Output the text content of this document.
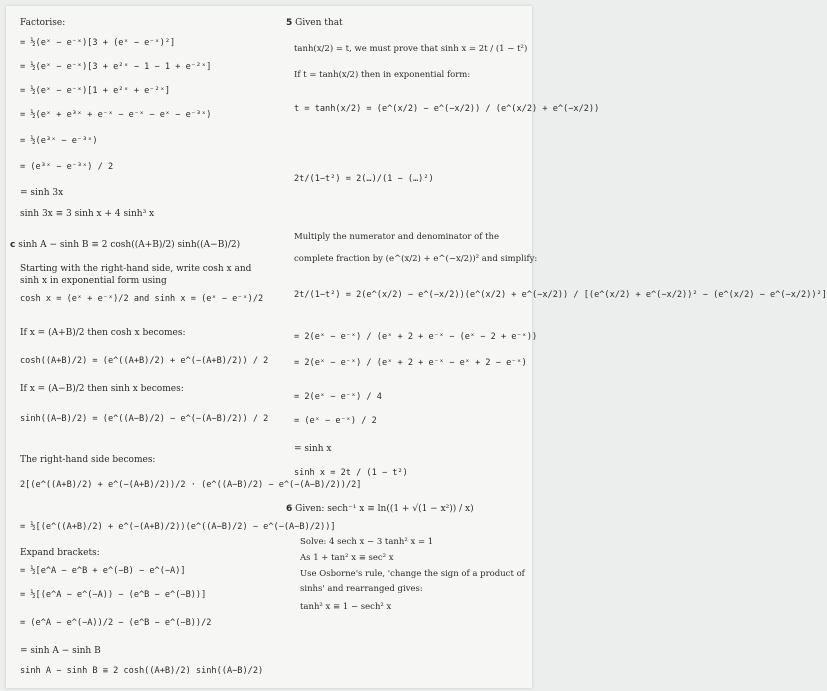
Factorise:
= ½(eˣ − e⁻ˣ)[3 + (eˣ − e⁻ˣ)²]
= ½(eˣ − e⁻ˣ)[3 + e²ˣ − 1 − 1 + e⁻²ˣ]
= ½(eˣ − e⁻ˣ)[1 + e²ˣ + e⁻²ˣ]
= ½(eˣ + e³ˣ + e⁻ˣ − e⁻ˣ − eˣ − e⁻³ˣ)
= ½(e³ˣ − e⁻³ˣ)
= (e³ˣ − e⁻³ˣ) / 2
= sinh 3x
sinh 3x ≡ 3 sinh x + 4 sinh³ x
c sinh A − sinh B ≡ 2 cosh((A+B)/2) sinh((A−B)/2)
Starting with the right-hand side, write cosh x and
sinh x in exponential form using
cosh x = (eˣ + e⁻ˣ)/2 and sinh x = (eˣ − e⁻ˣ)/2
If x = (A+B)/2 then cosh x becomes:
cosh((A+B)/2) = (e^((A+B)/2) + e^(−(A+B)/2)) / 2
If x = (A−B)/2 then sinh x becomes:
sinh((A−B)/2) = (e^((A−B)/2) − e^(−(A−B)/2)) / 2
The right-hand side becomes:
2[(e^((A+B)/2) + e^(−(A+B)/2))/2 · (e^((A−B)/2) − e^(−(A−B)/2))/2]
= ½[(e^((A+B)/2) + e^(−(A+B)/2))(e^((A−B)/2) − e^(−(A−B)/2))]
Expand brackets:
= ½[e^A − e^B + e^(−B) − e^(−A)]
= ½[(e^A − e^(−A)) − (e^B − e^(−B))]
= (e^A − e^(−A))/2 − (e^B − e^(−B))/2
= sinh A − sinh B
sinh A − sinh B ≡ 2 cosh((A+B)/2) sinh((A−B)/2)
5 Given that
tanh(x/2) = t, we must prove that sinh x = 2t / (1 − t²)
If t = tanh(x/2) then in exponential form:
t = tanh(x/2) = (e^(x/2) − e^(−x/2)) / (e^(x/2) + e^(−x/2))
2t/(1−t²) = 2(…)/(1 − (…)²)
Multiply the numerator and denominator of the
complete fraction by (e^(x/2) + e^(−x/2))² and simplify:
2t/(1−t²) = 2(e^(x/2) − e^(−x/2))(e^(x/2) + e^(−x/2)) / [(e^(x/2) + e^(−x/2))² − (e^(x/2) − e^(−x/2))²]
= 2(eˣ − e⁻ˣ) / (eˣ + 2 + e⁻ˣ − (eˣ − 2 + e⁻ˣ))
= 2(eˣ − e⁻ˣ) / (eˣ + 2 + e⁻ˣ − eˣ + 2 − e⁻ˣ)
= 2(eˣ − e⁻ˣ) / 4
= (eˣ − e⁻ˣ) / 2
= sinh x
sinh x = 2t / (1 − t²)
6 Given: sech⁻¹ x ≡ ln((1 + √(1 − x²)) / x)
Solve: 4 sech x − 3 tanh² x = 1
As 1 + tan² x ≡ sec² x
Use Osborne's rule, 'change the sign of a product of
sinhs' and rearranged gives:
tanh² x ≡ 1 − sech² x
